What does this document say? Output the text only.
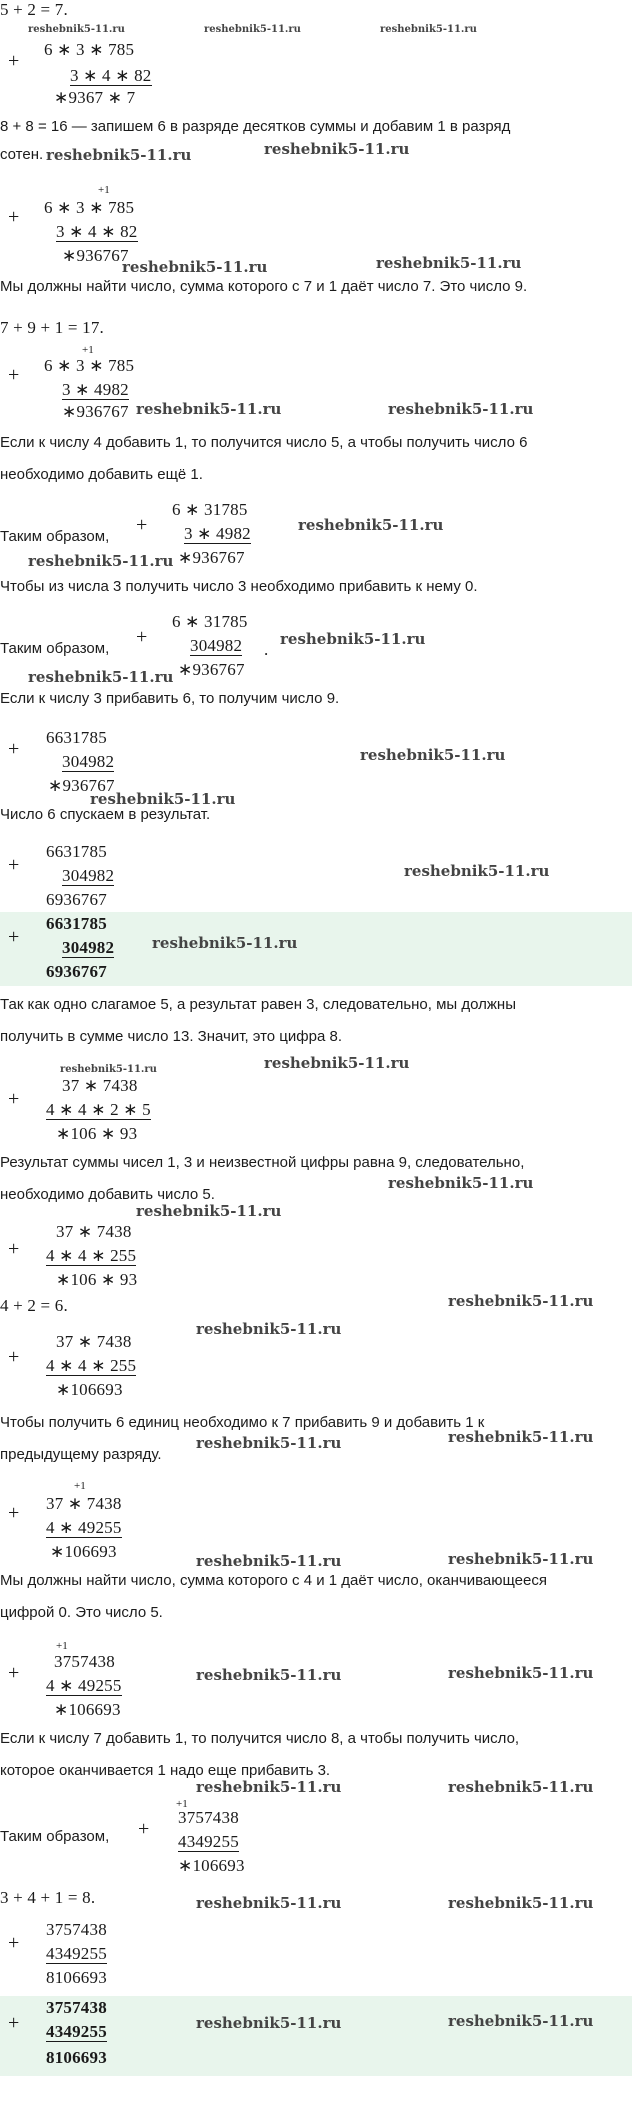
5 + 2 = 7.
reshebnik5-11.ru	reshebnik5-11.ru	reshebnik5-11.ru
+
6 ∗ 3 ∗ 785
3 ∗ 4 ∗ 82
∗9367 ∗ 7
8 + 8 = 16 — запишем 6 в разряде десятков суммы и добавим 1 в разряд
сотен. reshebnik5-11.ru	reshebnik5-11.ru
+1
+ 6 ∗ 3 ∗ 785
3 ∗ 4 ∗ 82
∗936767
reshebnik5-11.ru	reshebnik5-11.ru
Мы должны найти число, сумма которого с 7 и 1 даёт число 7. Это число 9.
7 + 9 + 1 = 17.
+1
+ 6 ∗ 3 ∗ 785
3 ∗ 4982
∗936767 reshebnik5-11.ru	reshebnik5-11.ru
Если к числу 4 добавить 1, то получится число 5, а чтобы получить число 6
необходимо добавить ещё 1.
Таким образом,
+
6 ∗ 31785
3 ∗ 4982
∗936767
reshebnik5-11.ru
reshebnik5-11.ru
Чтобы из числа 3 получить число 3 необходимо прибавить к нему 0.
Таким образом,
+
6 ∗ 31785
304982 .
∗936767
reshebnik5-11.ru
reshebnik5-11.ru
Если к числу 3 прибавить 6, то получим число 9.
+
6631785
304982
∗936767
reshebnik5-11.ru
reshebnik5-11.ru
Число 6 спускаем в результат.
+
6631785
304982
6936767
reshebnik5-11.ru
+
6631785
304982
6936767
reshebnik5-11.ru
Так как одно слагамое 5, а результат равен 3, следовательно, мы должны
получить в сумме число 13. Значит, это цифра 8.
reshebnik5-11.ru	reshebnik5-11.ru
+
37 ∗ 7438
4 ∗ 4 ∗ 2 ∗ 5
∗106 ∗ 93
Результат суммы чисел 1, 3 и неизвестной цифры равна 9, следовательно,
необходимо добавить число 5.
reshebnik5-11.ru
reshebnik5-11.ru
+
37 ∗ 7438
4 ∗ 4 ∗ 255
∗106 ∗ 93
4 + 2 = 6.	reshebnik5-11.ru
reshebnik5-11.ru
+
37 ∗ 7438
4 ∗ 4 ∗ 255
∗106693
Чтобы получить 6 единиц необходимо к 7 прибавить 9 и добавить 1 к
предыдущему разряду.
reshebnik5-11.ru	reshebnik5-11.ru
+1
+ 37 ∗ 7438
4 ∗ 49255
∗106693	reshebnik5-11.ru	reshebnik5-11.ru
Мы должны найти число, сумма которого с 4 и 1 даёт число, оканчивающееся
цифрой 0. Это число 5.
+1
+
3757438
4 ∗ 49255
∗106693
reshebnik5-11.ru	reshebnik5-11.ru
Если к числу 7 добавить 1, то получится число 8, а чтобы получить число,
которое оканчивается 1 надо еще прибавить 3.
reshebnik5-11.ru	reshebnik5-11.ru
+1
Таким образом, +
3757438
4349255
∗106693
3 + 4 + 1 = 8.	reshebnik5-11.ru	reshebnik5-11.ru
+
3757438
4349255
8106693
+
3757438
4349255
8106693
reshebnik5-11.ru	reshebnik5-11.ru
